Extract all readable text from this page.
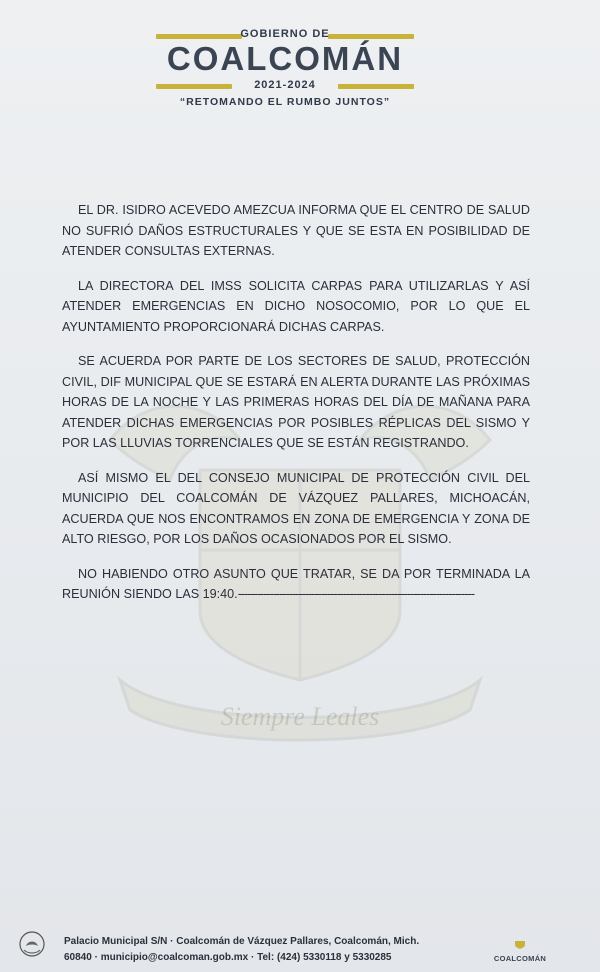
GOBIERNO DE
COALCOMÁN
2021-2024
“RETOMANDO EL RUMBO JUNTOS”
Siempre Leales

EL DR. ISIDRO ACEVEDO AMEZCUA INFORMA QUE EL CENTRO DE SALUD NO SUFRIÓ DAÑOS ESTRUCTURALES Y QUE SE ESTA EN POSIBILIDAD DE ATENDER CONSULTAS EXTERNAS.

LA DIRECTORA DEL IMSS SOLICITA CARPAS PARA UTILIZARLAS Y ASÍ ATENDER EMERGENCIAS EN DICHO NOSOCOMIO, POR LO QUE EL AYUNTAMIENTO PROPORCIONARÁ DICHAS CARPAS.

SE ACUERDA POR PARTE DE LOS SECTORES DE SALUD, PROTECCIÓN CIVIL, DIF MUNICIPAL QUE SE ESTARÁ EN ALERTA DURANTE LAS PRÓXIMAS HORAS DE LA NOCHE Y LAS PRIMERAS HORAS DEL DÍA DE MAÑANA PARA ATENDER DICHAS EMERGENCIAS POR POSIBLES RÉPLICAS DEL SISMO Y POR LAS LLUVIAS TORRENCIALES QUE SE ESTÁN REGISTRANDO.

ASÍ MISMO EL DEL CONSEJO MUNICIPAL DE PROTECCIÓN CIVIL DEL MUNICIPIO DEL COALCOMÁN DE VÁZQUEZ PALLARES, MICHOACÁN, ACUERDA QUE NOS ENCONTRAMOS EN ZONA DE EMERGENCIA Y ZONA DE ALTO RIESGO, POR LOS DAÑOS OCASIONADOS POR EL SISMO.

NO HABIENDO OTRO ASUNTO QUE TRATAR, SE DA POR TERMINADA LA REUNIÓN SIENDO LAS 19:40.--------------------------------------------------------------------------

Palacio Municipal S/N · Coalcomán de Vázquez Pallares, Coalcomán, Mich.
60840 · municipio@coalcoman.gob.mx · Tel: (424) 5330118 y 5330285	COALCOMÁN
